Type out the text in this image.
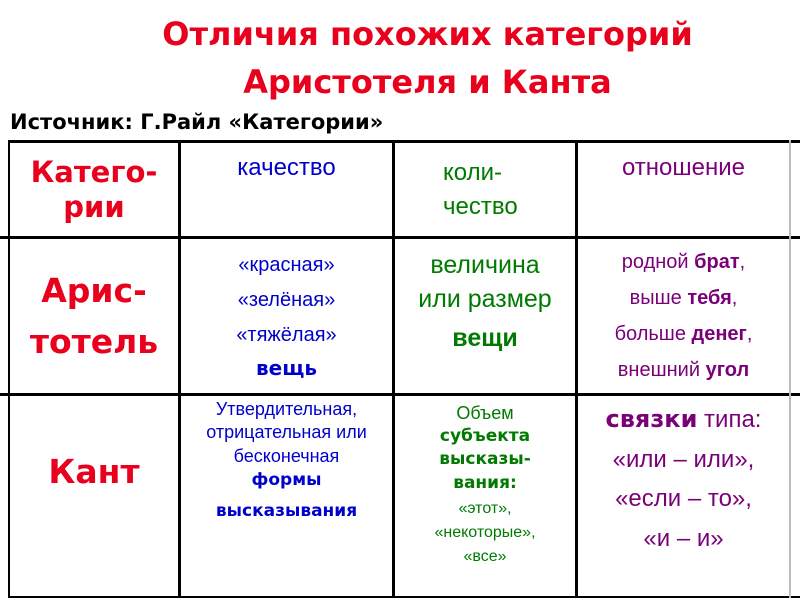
Отличия похожих категорий
Аристотеля и Канта
Источник: Г.Райл «Категории»
Катего-
рии
качество	коли-
чество
отношение
Арис-
тотель
«красная»
«зелёная»
«тяжёлая»
вещь
величина
или размер
вещи
родной брат,
выше тебя,
больше денег,
внешний угол
Кант
Утвердительная,
отрицательная или
бесконечная
формы
высказывания
Объем
субъекта
высказы-
вания:
«этот»,
«некоторые»,
«все»
связки типа:
«или – или»,
«если – то»,
«и – и»
